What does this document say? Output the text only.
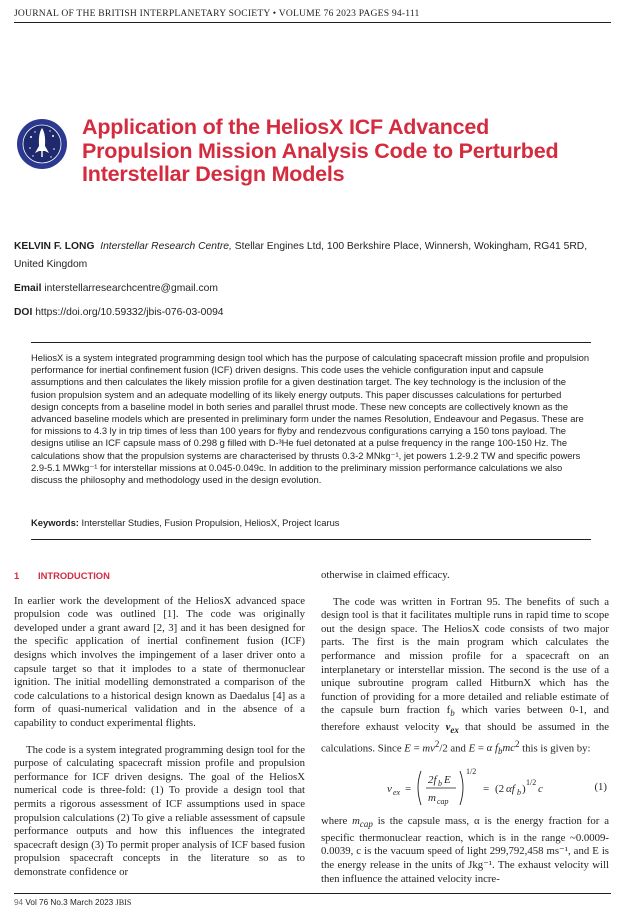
JOURNAL OF THE BRITISH INTERPLANETARY SOCIETY • VOLUME 76 2023 PAGES 94-111
Application of the HeliosX ICF Advanced Propulsion Mission Analysis Code to Perturbed Interstellar Design Models
KELVIN F. LONG Interstellar Research Centre, Stellar Engines Ltd, 100 Berkshire Place, Winnersh, Wokingham, RG41 5RD, United Kingdom
Email interstellarresearchcentre@gmail.com
DOI https://doi.org/10.59332/jbis-076-03-0094
HeliosX is a system integrated programming design tool which has the purpose of calculating spacecraft mission profile and propulsion performance for inertial confinement fusion (ICF) driven designs. This code uses the vehicle configuration input and capsule assumptions and then calculates the likely mission profile for a given destination target. The key technology is the inclusion of the fusion propulsion system and an adequate modelling of its likely energy outputs. This paper discusses calculations for perturbed design concepts from a baseline model in both series and parallel thrust mode. These new concepts are collectively known as the advanced baseline models which are presented in preliminary form under the names Resolution, Endeavour and Pegasus. These are for missions to 4.3 ly in trip times of less than 100 years for flyby and rendezvous configurations carrying a 150 tons payload. The designs utilise an ICF capsule mass of 0.298 g filled with D-³He fuel detonated at a pulse frequency in the range 100-150 Hz. The calculations show that the propulsion systems are characterised by thrusts 0.3-2 MNkg⁻¹, jet powers 1.2-9.2 TW and specific powers 2.9-5.1 MWkg⁻¹ for interstellar missions at 0.045-0.049c. In addition to the preliminary mission performance calculations we also discuss the philosophy and methodology used in the design evolution.
Keywords: Interstellar Studies, Fusion Propulsion, HeliosX, Project Icarus
1 INTRODUCTION

In earlier work the development of the HeliosX advanced space propulsion code was outlined [1]. The code was originally developed under a grant award [2, 3] and it has been designed for the specific application of inertial confinement fusion (ICF) designs which involves the impingement of a laser driver onto a capsule target so that it implodes to a state of thermonuclear ignition. The initial modelling demonstrated a comparison of the code calculations to a historical design known as Daedalus [4] as a form of quasi-numerical validation and in the absence of a capability to conduct experimental flights.

The code is a system integrated programming design tool for the purpose of calculating spacecraft mission profile and propulsion performance for ICF driven designs. The goal of the HeliosX numerical code is three-fold: (1) To provide a design tool that permits a rigorous assessment of ICF assumptions used in space propulsion calculations (2) To give a reliable assessment of capsule performance outputs and how this influences the integrated spacecraft design (3) To permit proper analysis of ICF based fusion propulsion spacecraft concepts in the literature so as to demonstrate confidence or

otherwise in claimed efficacy.

The code was written in Fortran 95. The benefits of such a design tool is that it facilitates multiple runs in rapid time to scope out the design space. The HeliosX code consists of two major parts. The first is the main program which calculates the performance and mission profile for a spacecraft on an interplanetary or interstellar mission. The second is the use of a unique subroutine program called HitburnX which has the function of providing for a more detailed and reliable estimate of the capsule burn fraction $f_b$ which varies between 0-1, and therefore exhaust velocity $v_{ex}$ that should be assumed in the calculations. Since $E = mv^2/2$ and E = α $f_bmc^2$ this is given by:

v ex =
2f b E
m cap
1/2
= (2 αf b )
1/2
c	(1)

where $m_{cap}$ is the capsule mass, α is the energy fraction for a specific thermonuclear reaction, which is in the range ~0.0009-0.0039, c is the vacuum speed of light 299,792,458 ms⁻¹, and E is the energy release in the units of Jkg⁻¹. The exhaust velocity will then influence the attained velocity incre-

94 Vol 76 No.3 March 2023 JBIS
